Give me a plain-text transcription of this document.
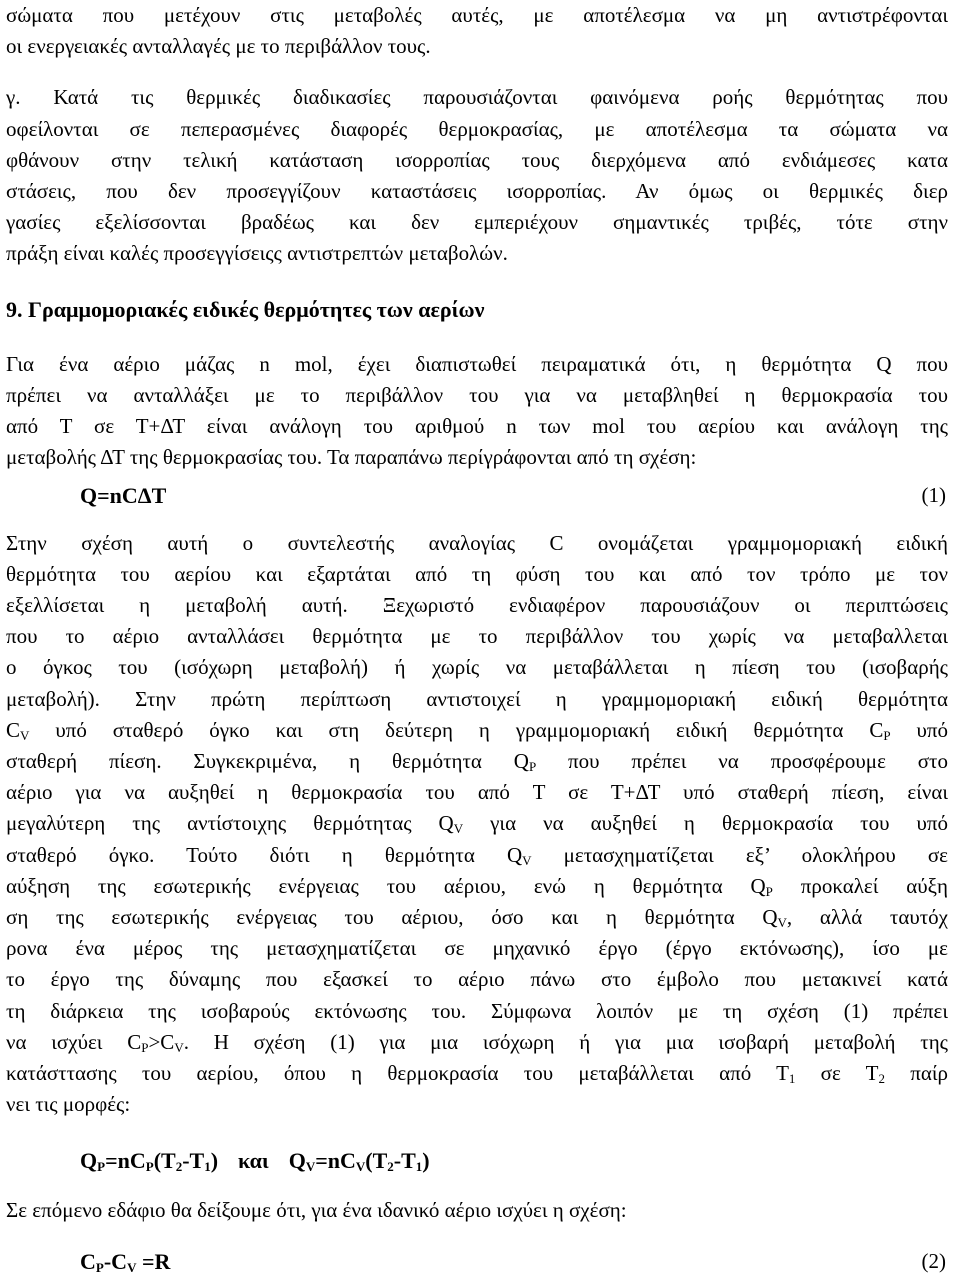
σώματα που μετέχουν στις μεταβολές αυτές, με αποτέλεσμα να μη αντιστρέφονται

οι ενεργειακές ανταλλαγές με το περιβάλλον τους.

γ. Κατά τις θερμικές διαδικασίες παρουσιάζονται φαινόμενα ροής θερμότητας που

οφείλονται σε πεπερασμένες διαφορές θερμοκρασίας, με αποτέλεσμα τα σώματα να

φθάνουν στην τελική κατάσταση ισορροπίας τους διερχόμενα από ενδιάμεσες κατα

στάσεις, που δεν προσεγγίζουν καταστάσεις ισορροπίας. Αν όμως οι θερμικές διερ

γασίες εξελίσσονται βραδέως και δεν εμπεριέχουν σημαντικές τριβές, τότε στην

πράξη είναι καλές προσεγγίσειςς αντιστρεπτών μεταβολών.

9. Γραμμομοριακές ειδικές θερμότητες των αερίων

Για ένα αέριο μάζας n mol, έχει διαπιστωθεί πειραματικά ότι, η θερμότητα Q που

πρέπει να ανταλλάξει με το περιβάλλον του για να μεταβληθεί η θερμοκρασία του

από Τ σε Τ+ΔΤ είναι ανάλογη του αριθμού n των mol του αερίου και ανάλογη της

μεταβολής ΔΤ της θερμοκρασίας του. Τα παραπάνω περίγράφονται από τη σχέση:

Q=nCΔT	(1)

Στην σχέση αυτή ο συντελεστής αναλογίας C ονομάζεται γραμμομοριακή ειδική

θερμότητα του αερίου και εξαρτάται από τη φύση του και από τον τρόπο με τον

εξελλίσεται η μεταβολή αυτή. Ξεχωριστό ενδιαφέρον παρουσιάζουν οι περιπτώσεις

που το αέριο ανταλλάσει θερμότητα με το περιβάλλον του χωρίς να μεταβαλλεται

ο όγκος του (ισόχωρη μεταβολή) ή χωρίς να μεταβάλλεται η πίεση του (ισοβαρής

μεταβολή). Στην πρώτη περίπτωση αντιστοιχεί η γραμμομοριακή ειδική θερμότητα

$C_V$ υπό σταθερό όγκο και στη δεύτερη η γραμμομοριακή ειδική θερμότητα $C_P$ υπό

σταθερή πίεση. Συγκεκριμένα, η θερμότητα $Q_P$ που πρέπει να προσφέρουμε στο

αέριο για να αυξηθεί η θερμοκρασία του από Τ σε Τ+ΔΤ υπό σταθερή πίεση, είναι

μεγαλύτερη της αντίστοιχης θερμότητας $Q_V$ για να αυξηθεί η θερμοκρασία του υπό

σταθερό όγκο. Τούτο διότι η θερμότητα $Q_V$ μετασχηματίζεται εξ’ ολοκλήρου σε

αύξηση της εσωτερικής ενέργειας του αέριου, ενώ η θερμότητα $Q_P$ προκαλεί αύξη

ση της εσωτερικής ενέργειας του αέριου, όσο και η θερμότητα $Q_V$, αλλά ταυτόχ

ρονα ένα μέρος της μετασχηματίζεται σε μηχανικό έργο (έργο εκτόνωσης), ίσο με

το έργο της δύναμης που εξασκεί το αέριο πάνω στο έμβολο που μετακινεί κατά

τη διάρκεια της ισοβαρούς εκτόνωσης του. Σύμφωνα λοιπόν με τη σχέση (1) πρέπει

να ισχύει $C_P>C_V$. Η σχέση (1) για μια ισόχωρη ή για μια ισοβαρή μεταβολή της

κατάσττασης του αερίου, όπου η θερμοκρασία του μεταβάλλεται από $T_1$ σε $T_2$ παίρ

νει τις μορφές:

$Q_P=nC_P(T_2-T_1)$ και $Q_V=nC_V(T_2-T_1)$

Σε επόμενο εδάφιο θα δείξουμε ότι, για ένα ιδανικό αέριο ισχύει η σχέση:

$C_P-C_V =R$	(2)
